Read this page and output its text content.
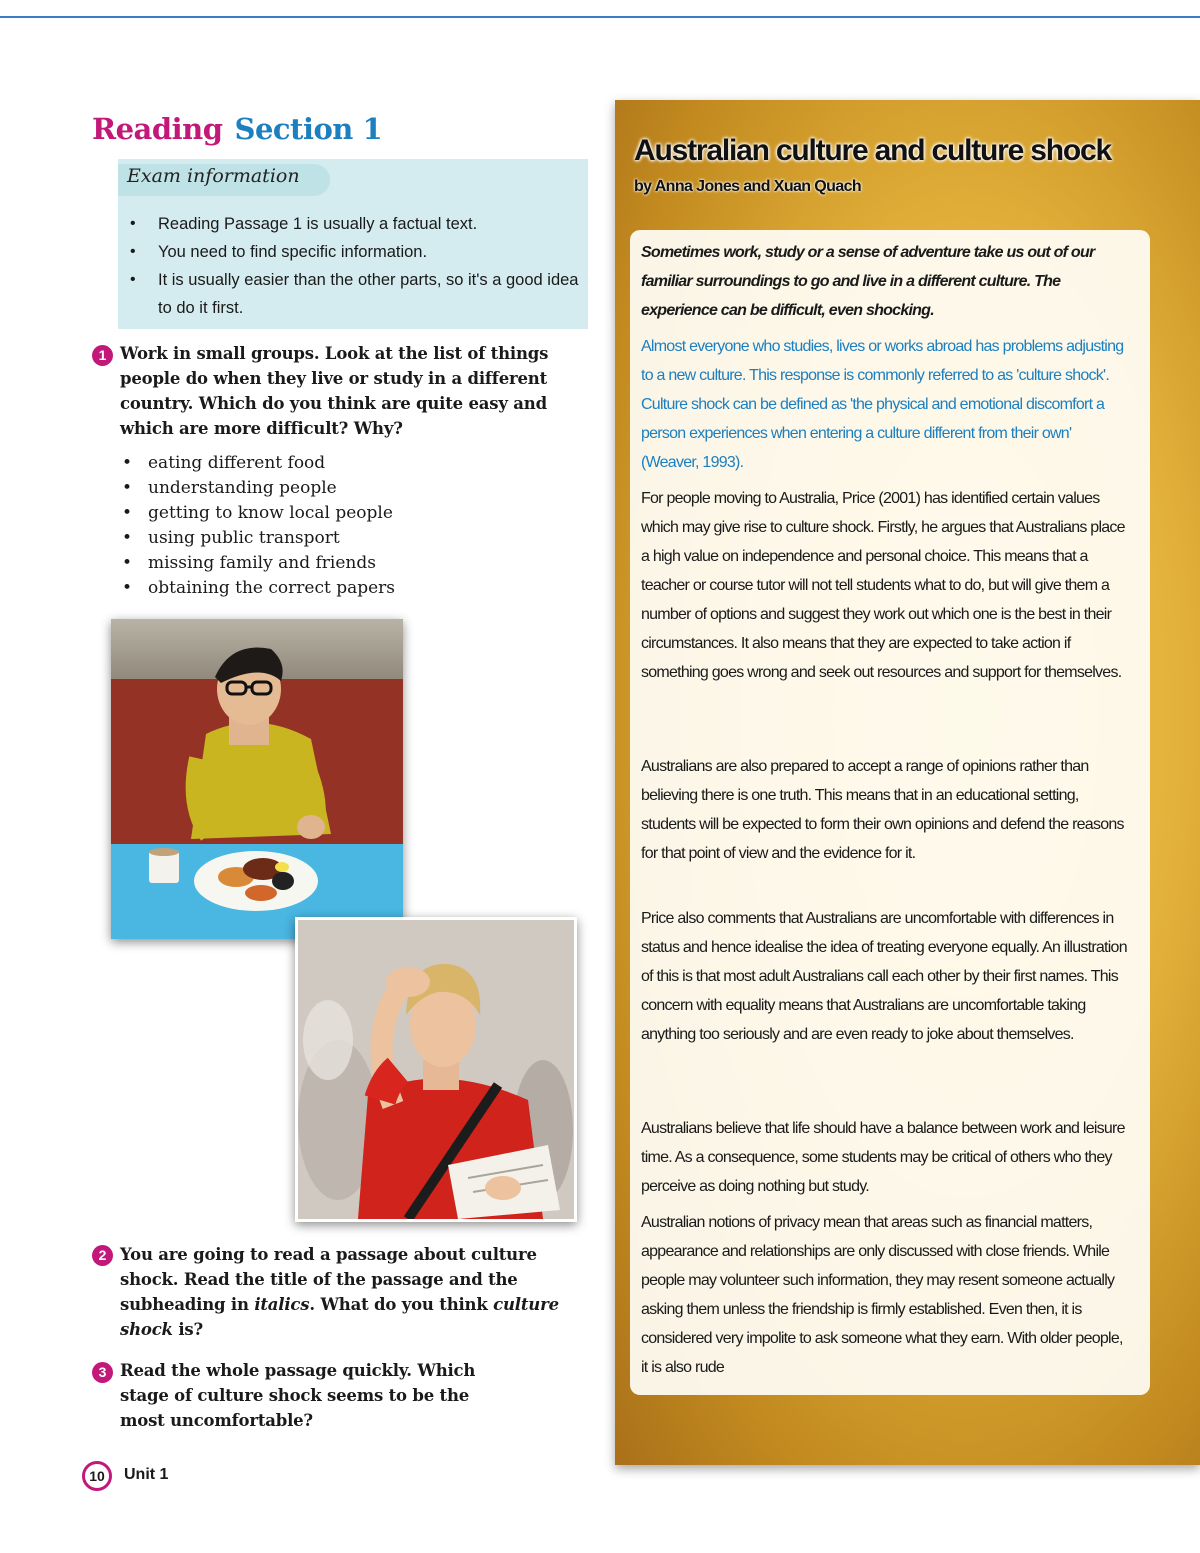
Reading Section 1
Exam information
• Reading Passage 1 is usually a factual text.
• You need to find specific information.
• It is usually easier than the other parts, so it's a good idea to do it first.
1 Work in small groups. Look at the list of things people do when they live or study in a different country. Which do you think are quite easy and which are more difficult? Why?
• eating different food
• understanding people
• getting to know local people
• using public transport
• missing family and friends
• obtaining the correct papers
2 You are going to read a passage about culture shock. Read the title of the passage and the subheading in italics. What do you think culture shock is?
3 Read the whole passage quickly. Which stage of culture shock seems to be the most uncomfortable?
10	Unit 1
Australian culture and culture shock
by Anna Jones and Xuan Quach

Sometimes work, study or a sense of adventure take us out of our familiar surroundings to go and live in a different culture. The experience can be difficult, even shocking.

Almost everyone who studies, lives or works abroad has problems adjusting to a new culture. This response is commonly referred to as 'culture shock'. Culture shock can be defined as 'the physical and emotional discomfort a person experiences when entering a culture different from their own' (Weaver, 1993).

For people moving to Australia, Price (2001) has identified certain values which may give rise to culture shock. Firstly, he argues that Australians place a high value on independence and personal choice. This means that a teacher or course tutor will not tell students what to do, but will give them a number of options and suggest they work out which one is the best in their circumstances. It also means that they are expected to take action if something goes wrong and seek out resources and support for themselves.

Australians are also prepared to accept a range of opinions rather than believing there is one truth. This means that in an educational setting, students will be expected to form their own opinions and defend the reasons for that point of view and the evidence for it.

Price also comments that Australians are uncomfortable with differences in status and hence idealise the idea of treating everyone equally. An illustration of this is that most adult Australians call each other by their first names. This concern with equality means that Australians are uncomfortable taking anything too seriously and are even ready to joke about themselves.

Australians believe that life should have a balance between work and leisure time. As a consequence, some students may be critical of others who they perceive as doing nothing but study.

Australian notions of privacy mean that areas such as financial matters, appearance and relationships are only discussed with close friends. While people may volunteer such information, they may resent someone actually asking them unless the friendship is firmly established. Even then, it is considered very impolite to ask someone what they earn. With older people, it is also rude
